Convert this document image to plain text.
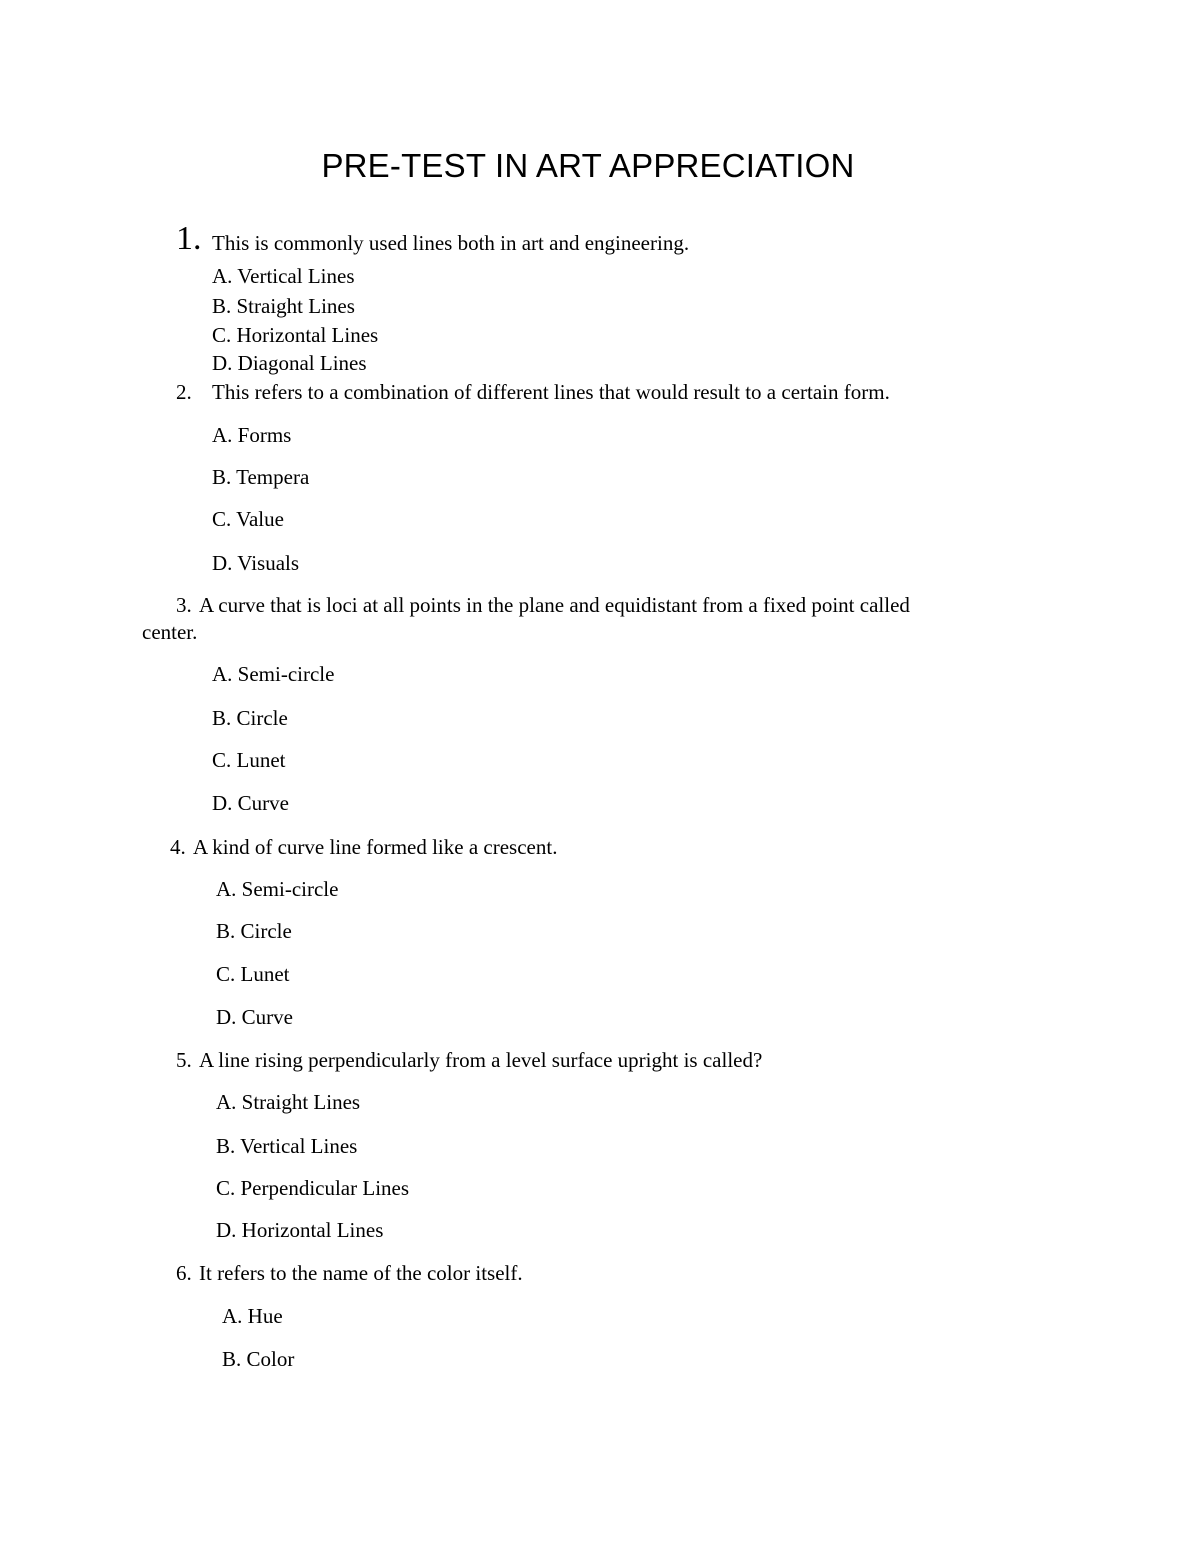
PRE-TEST IN ART APPRECIATION
1. This is commonly used lines both in art and engineering.
A. Vertical Lines
B. Straight Lines
C. Horizontal Lines
D. Diagonal Lines
2. This refers to a combination of different lines that would result to a certain form.
A. Forms
B. Tempera
C. Value
D. Visuals
3. A curve that is loci at all points in the plane and equidistant from a fixed point called
center.
A. Semi-circle
B. Circle
C. Lunet
D. Curve
4. A kind of curve line formed like a crescent.
A. Semi-circle
B. Circle
C. Lunet
D. Curve
5. A line rising perpendicularly from a level surface upright is called?
A. Straight Lines
B. Vertical Lines
C. Perpendicular Lines
D. Horizontal Lines
6. It refers to the name of the color itself.
A. Hue
B. Color
